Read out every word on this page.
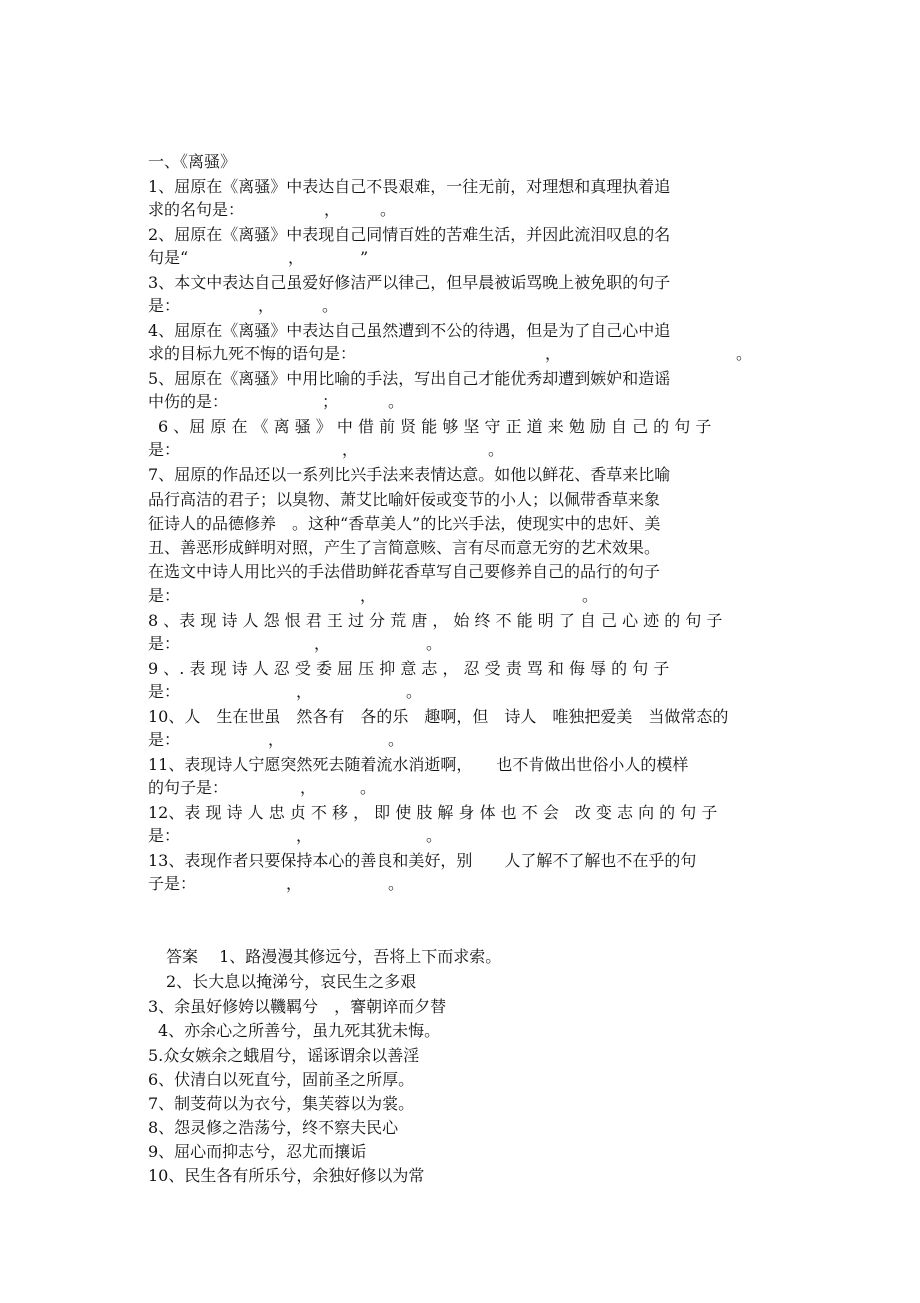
一、《离骚》
1、屈原在《离骚》中表达自己不畏艰难，一往无前，对理想和真理执着追
求的名句是：	， 。
2、屈原在《离骚》中表现自己同情百姓的苦难生活，并因此流泪叹息的名
句是“	，	”
3、本文中表达自己虽爱好修洁严以律己，但早晨被诟骂晚上被免职的句子
是：	，	。
4、屈原在《离骚》中表达自己虽然遭到不公的待遇，但是为了自己心中追
求的目标九死不悔的语句是：	，	。
5、屈原在《离骚》中用比喻的手法，写出自己才能优秀却遭到嫉妒和造谣
中伤的是：	；	。
6 、屈 原 在 《 离 骚 》 中 借 前 贤 能 够 坚 守 正 道 来 勉 励 自 己 的 句 子
是：	，	。
7、屈原的作品还以一系列比兴手法来表情达意。如他以鲜花、香草来比喻
品行高洁的君子；以臭物、萧艾比喻奸佞或变节的小人；以佩带香草来象
征诗人的品德修养　。这种“香草美人”的比兴手法，使现实中的忠奸、美
丑、善恶形成鲜明对照，产生了言简意赅、言有尽而意无穷的艺术效果。
在选文中诗人用比兴的手法借助鲜花香草写自己要修养自己的品行的句子
是：	，	。
8 、表 现 诗 人 怨 恨 君 王 过 分 荒 唐 ， 始 终 不 能 明 了 自 己 心 迹 的 句 子
是：	，	。
9 、. 表 现 诗 人 忍 受 委 屈 压 抑 意 志 ， 忍 受 责 骂 和 侮 辱 的 句 子
是：	，	。
10、人　生在世虽　然各有　各的乐　趣啊，但　诗人　唯独把爱美　当做常态的
是：	，	。
11、表现诗人宁愿突然死去随着流水消逝啊，　　也不肯做出世俗小人的模样
的句子是：	，	。
12、表 现 诗 人 忠 贞 不 移 ， 即 使 肢 解 身 体 也 不 会　改 变 志 向 的 句 子
是：	，	。
13、表现作者只要保持本心的善良和美好，别　　人了解不了解也不在乎的句
子是：	，	。
答案　 1、路漫漫其修远兮，吾将上下而求索。
2、长大息以掩涕兮，哀民生之多艰
3、余虽好修姱以鞿羁兮　，謇朝谇而夕替
4、亦余心之所善兮，虽九死其犹未悔。
5.众女嫉余之蛾眉兮，谣诼谓余以善淫
6、伏清白以死直兮，固前圣之所厚。
7、制芰荷以为衣兮，集芙蓉以为裳。
8、怨灵修之浩荡兮，终不察夫民心
9、屈心而抑志兮，忍尤而攘诟
10、民生各有所乐兮，余独好修以为常
